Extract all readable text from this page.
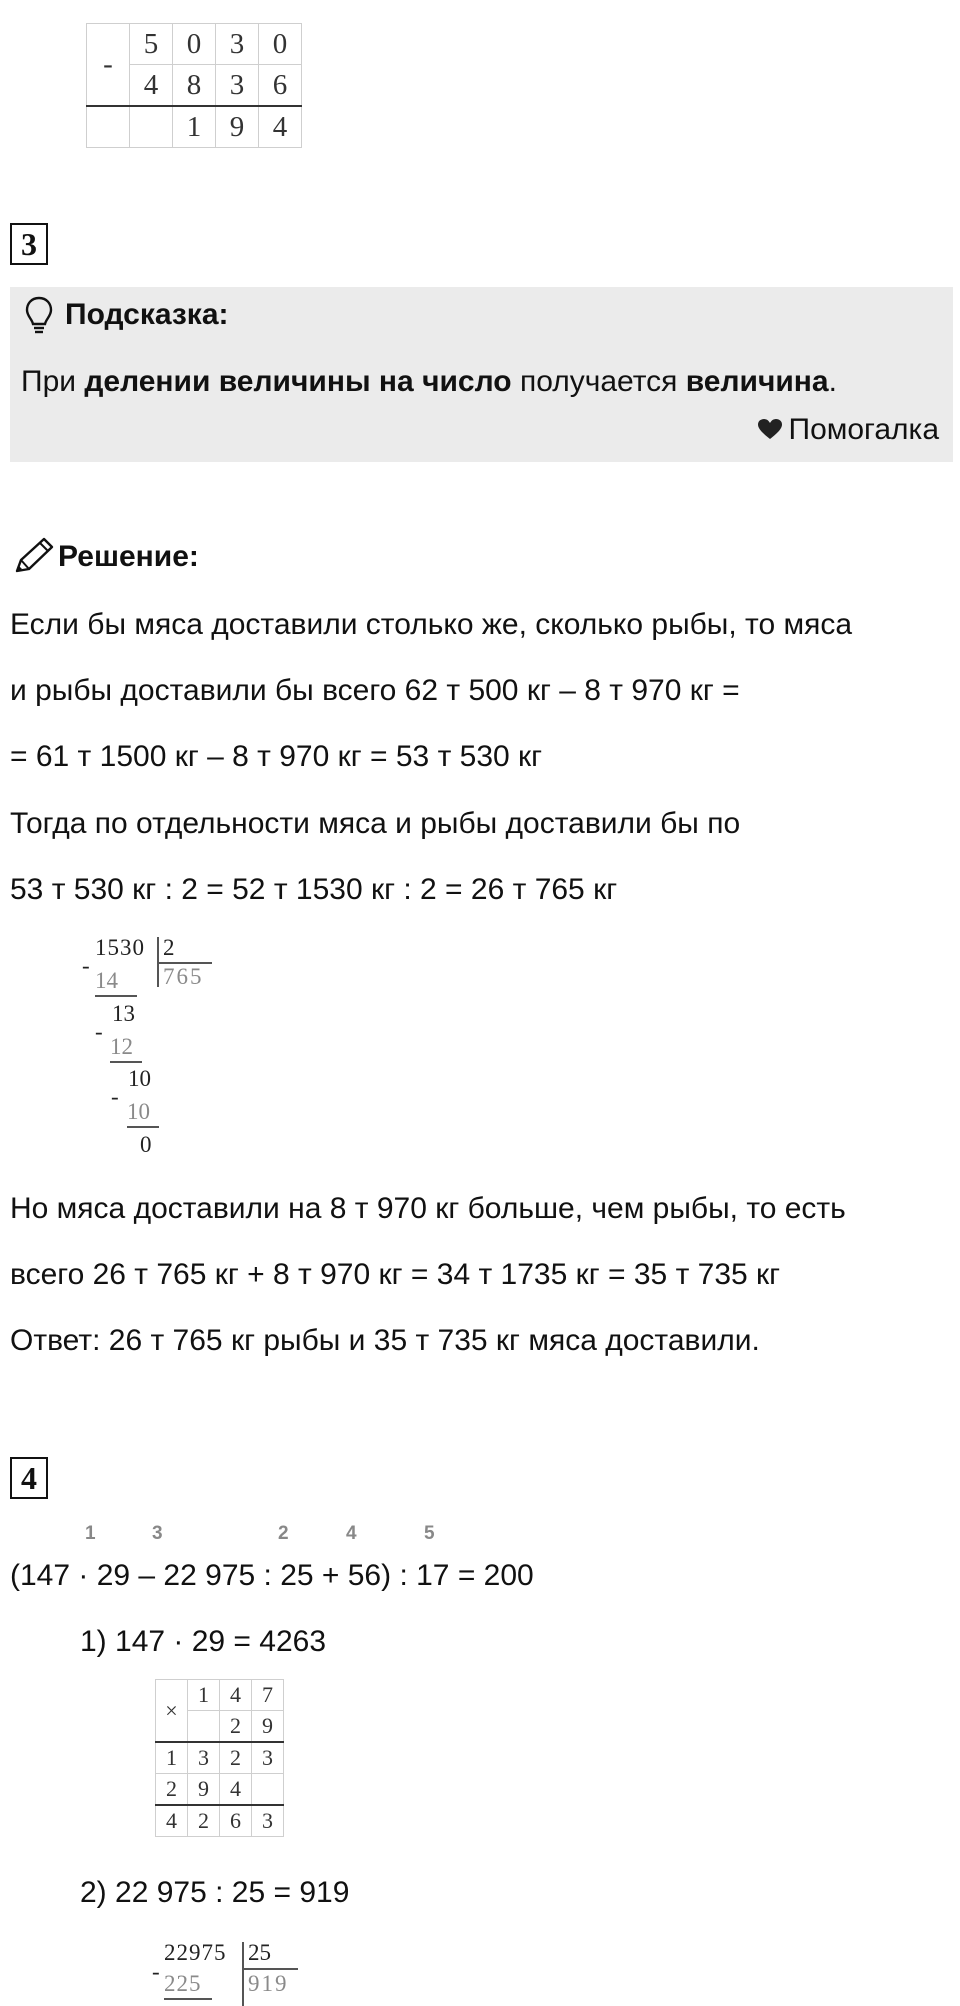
-	5	0	3	0
	4	8	3	6
		1	9	4
3
Подсказка:
При делении величины на число получается величина.
Помогалка
Решение:
Если бы мяса доставили столько же, сколько рыбы, то мяса
и рыбы доставили бы всего 62 т 500 кг – 8 т 970 кг =
= 61 т 1500 кг – 8 т 970 кг = 53 т 530 кг
Тогда по отдельности мяса и рыбы доставили бы по
53 т 530 кг : 2 = 52 т 1530 кг : 2 = 26 т 765 кг
1530 2
765
-
14
13
-
12
10
-
10
0
Но мяса доставили на 8 т 970 кг больше, чем рыбы, то есть
всего 26 т 765 кг + 8 т 970 кг = 34 т 1735 кг = 35 т 735 кг
Ответ: 26 т 765 кг рыбы и 35 т 735 кг мяса доставили.
4
1	3	2	4	5
(147 · 29 – 22 975 : 25 + 56) : 17 = 200
1) 147 · 29 = 4263
×	1	4	7
		2	9
1	3	2	3
2	9	4	
4	2	6	3
2) 22 975 : 25 = 919
22975 25
- 225 919
